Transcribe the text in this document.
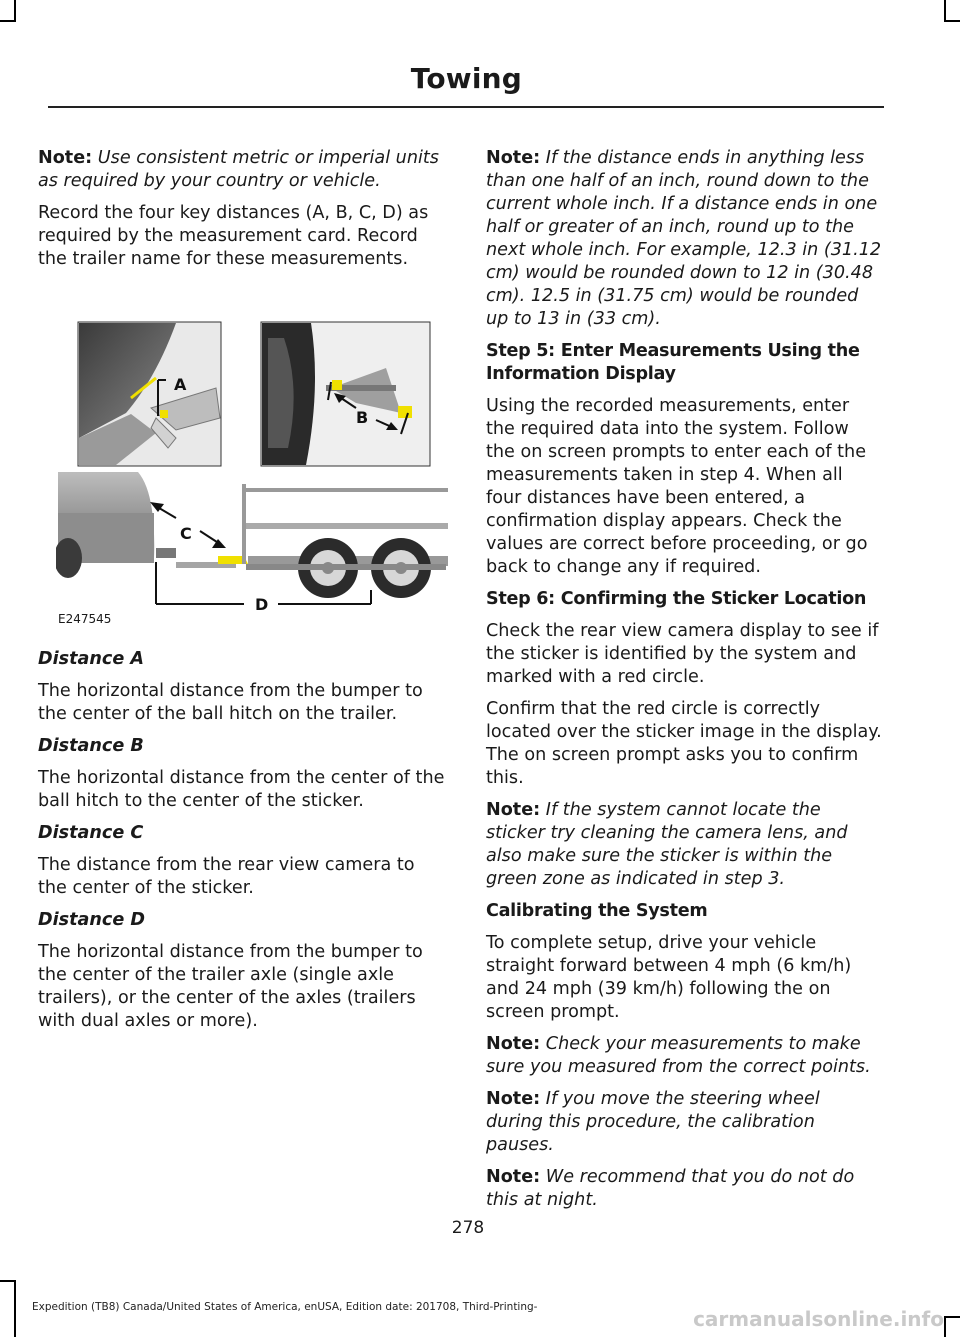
Towing

Note: Use consistent metric or imperial units as required by your country or vehicle.

Record the four key distances (A, B, C, D) as required by the measurement card. Record the trailer name for these measurements.

A
B
C
D
E247545

Distance A

The horizontal distance from the bumper to the center of the ball hitch on the trailer.

Distance B

The horizontal distance from the center of the ball hitch to the center of the sticker.

Distance C

The distance from the rear view camera to the center of the sticker.

Distance D

The horizontal distance from the bumper to the center of the trailer axle (single axle trailers), or the center of the axles (trailers with dual axles or more).

Note: If the distance ends in anything less than one half of an inch, round down to the current whole inch. If a distance ends in one half or greater of an inch, round up to the next whole inch. For example, 12.3 in (31.12 cm) would be rounded down to 12 in (30.48 cm). 12.5 in (31.75 cm) would be rounded up to 13 in (33 cm).

Step 5: Enter Measurements Using the Information Display

Using the recorded measurements, enter the required data into the system. Follow the on screen prompts to enter each of the measurements taken in step 4. When all four distances have been entered, a confirmation display appears. Check the values are correct before proceeding, or go back to change any if required.

Step 6: Confirming the Sticker Location

Check the rear view camera display to see if the sticker is identified by the system and marked with a red circle.

Confirm that the red circle is correctly located over the sticker image in the display. The on screen prompt asks you to confirm this.

Note: If the system cannot locate the sticker try cleaning the camera lens, and also make sure the sticker is within the green zone as indicated in step 3.

Calibrating the System

To complete setup, drive your vehicle straight forward between 4 mph (6 km/h) and 24 mph (39 km/h) following the on screen prompt.

Note: Check your measurements to make sure you measured from the correct points.

Note: If you move the steering wheel during this procedure, the calibration pauses.

Note: We recommend that you do not do this at night.

278
Expedition (TB8) Canada/United States of America, enUSA, Edition date: 201708, Third-Printing-	carmanualsonline.info
